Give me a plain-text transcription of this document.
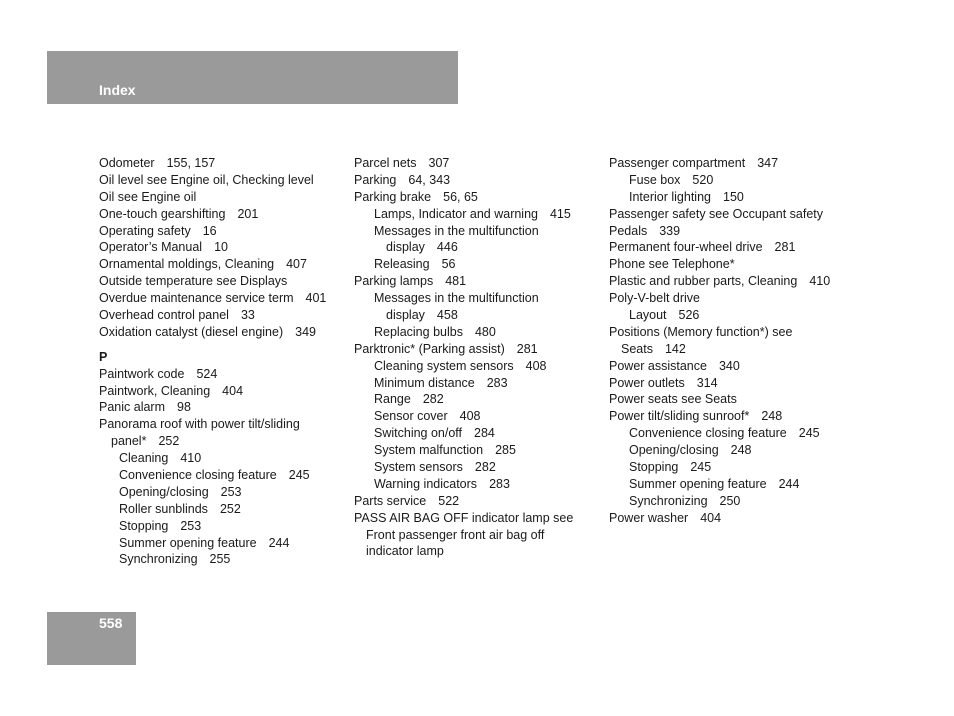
Index
Odometer 155, 157
Oil level see Engine oil, Checking level
Oil see Engine oil
One-touch gearshifting 201
Operating safety 16
Operator’s Manual 10
Ornamental moldings, Cleaning 407
Outside temperature see Displays
Overdue maintenance service term 401
Overhead control panel 33
Oxidation catalyst (diesel engine) 349
P
Paintwork code 524
Paintwork, Cleaning 404
Panic alarm 98
Panorama roof with power tilt/sliding
panel* 252
Cleaning 410
Convenience closing feature 245
Opening/closing 253
Roller sunblinds 252
Stopping 253
Summer opening feature 244
Synchronizing 255
Parcel nets 307
Parking 64, 343
Parking brake 56, 65
Lamps, Indicator and warning 415
Messages in the multifunction
display 446
Releasing 56
Parking lamps 481
Messages in the multifunction
display 458
Replacing bulbs 480
Parktronic* (Parking assist) 281
Cleaning system sensors 408
Minimum distance 283
Range 282
Sensor cover 408
Switching on/off 284
System malfunction 285
System sensors 282
Warning indicators 283
Parts service 522
PASS AIR BAG OFF indicator lamp see
Front passenger front air bag off
indicator lamp
Passenger compartment 347
Fuse box 520
Interior lighting 150
Passenger safety see Occupant safety
Pedals 339
Permanent four-wheel drive 281
Phone see Telephone*
Plastic and rubber parts, Cleaning 410
Poly-V-belt drive
Layout 526
Positions (Memory function*) see
Seats 142
Power assistance 340
Power outlets 314
Power seats see Seats
Power tilt/sliding sunroof* 248
Convenience closing feature 245
Opening/closing 248
Stopping 245
Summer opening feature 244
Synchronizing 250
Power washer 404
558
